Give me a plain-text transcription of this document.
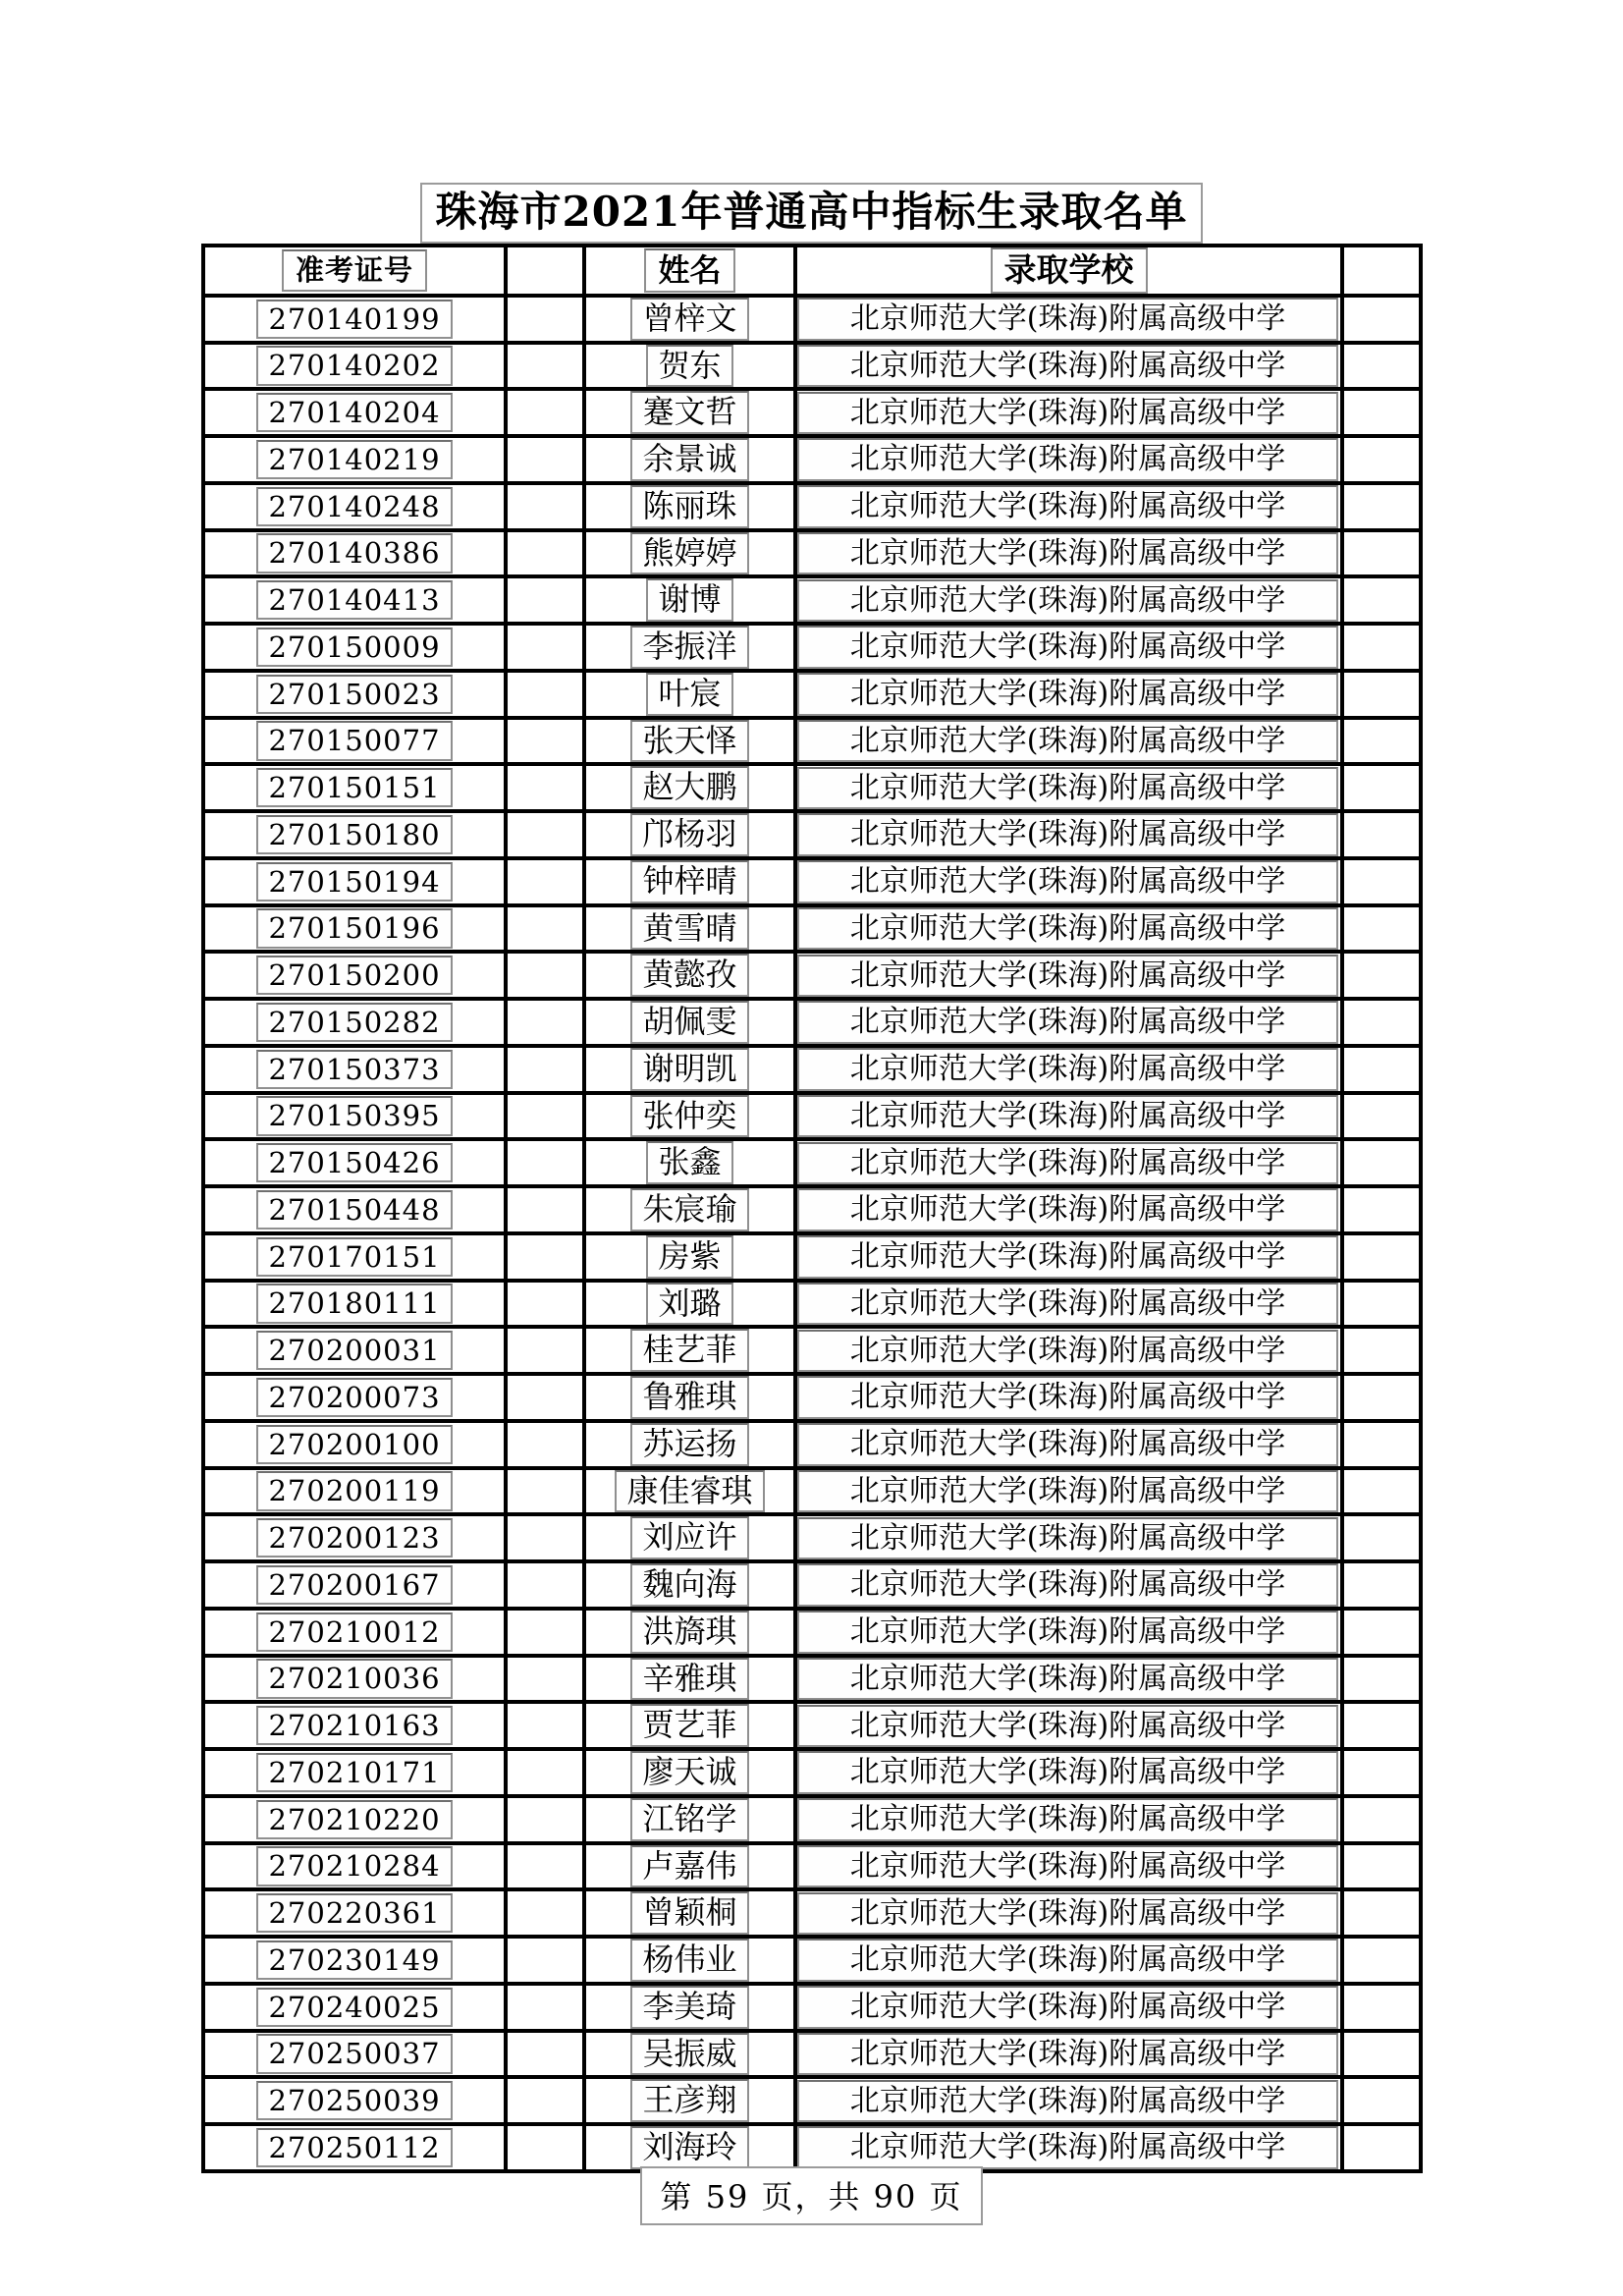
珠海市2021年普通高中指标生录取名单
准考证号		姓名	录取学校	
270140199		曾梓文	北京师范大学(珠海)附属高级中学	

270140202		贺东	北京师范大学(珠海)附属高级中学	

270140204		蹇文哲	北京师范大学(珠海)附属高级中学	

270140219		余景诚	北京师范大学(珠海)附属高级中学	

270140248		陈丽珠	北京师范大学(珠海)附属高级中学	

270140386		熊婷婷	北京师范大学(珠海)附属高级中学	

270140413		谢博	北京师范大学(珠海)附属高级中学	

270150009		李振洋	北京师范大学(珠海)附属高级中学	

270150023		叶宸	北京师范大学(珠海)附属高级中学	

270150077		张天怿	北京师范大学(珠海)附属高级中学	

270150151		赵大鹏	北京师范大学(珠海)附属高级中学	

270150180		邝杨羽	北京师范大学(珠海)附属高级中学	

270150194		钟梓晴	北京师范大学(珠海)附属高级中学	

270150196		黄雪晴	北京师范大学(珠海)附属高级中学	

270150200		黄懿孜	北京师范大学(珠海)附属高级中学	

270150282		胡佩雯	北京师范大学(珠海)附属高级中学	

270150373		谢明凯	北京师范大学(珠海)附属高级中学	

270150395		张仲奕	北京师范大学(珠海)附属高级中学	

270150426		张鑫	北京师范大学(珠海)附属高级中学	

270150448		朱宸瑜	北京师范大学(珠海)附属高级中学	

270170151		房紫	北京师范大学(珠海)附属高级中学	

270180111		刘璐	北京师范大学(珠海)附属高级中学	

270200031		桂艺菲	北京师范大学(珠海)附属高级中学	

270200073		鲁雅琪	北京师范大学(珠海)附属高级中学	

270200100		苏运扬	北京师范大学(珠海)附属高级中学	

270200119		康佳睿琪	北京师范大学(珠海)附属高级中学	

270200123		刘应许	北京师范大学(珠海)附属高级中学	

270200167		魏向海	北京师范大学(珠海)附属高级中学	

270210012		洪旖琪	北京师范大学(珠海)附属高级中学	

270210036		辛雅琪	北京师范大学(珠海)附属高级中学	

270210163		贾艺菲	北京师范大学(珠海)附属高级中学	

270210171		廖天诚	北京师范大学(珠海)附属高级中学	

270210220		江铭学	北京师范大学(珠海)附属高级中学	

270210284		卢嘉伟	北京师范大学(珠海)附属高级中学	

270220361		曾颖桐	北京师范大学(珠海)附属高级中学	

270230149		杨伟业	北京师范大学(珠海)附属高级中学	

270240025		李美琦	北京师范大学(珠海)附属高级中学	

270250037		吴振威	北京师范大学(珠海)附属高级中学	

270250039		王彦翔	北京师范大学(珠海)附属高级中学	

270250112		刘海玲	北京师范大学(珠海)附属高级中学	

第 59 页，共 90 页
